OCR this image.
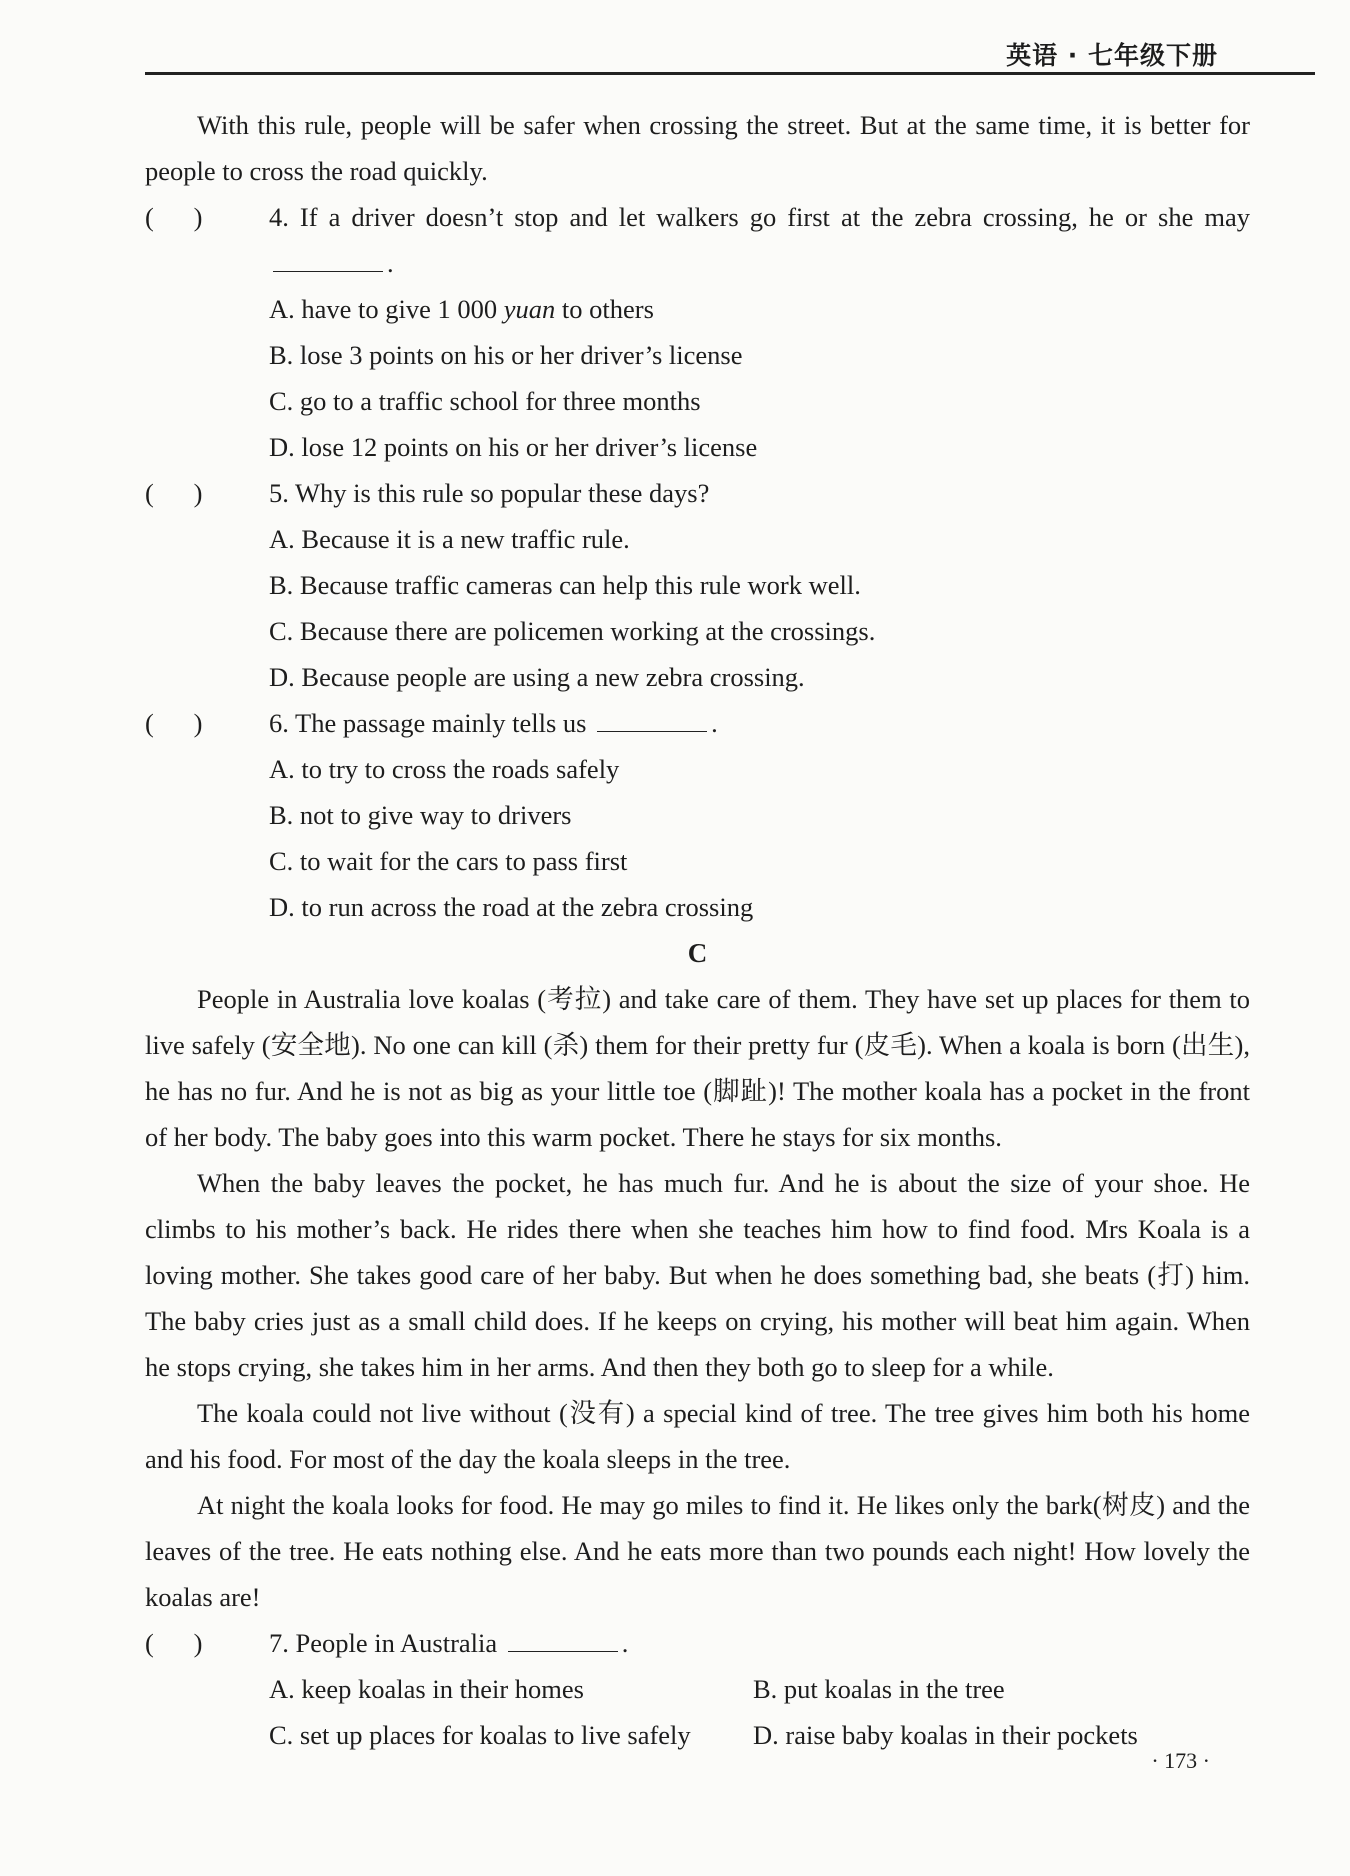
英语 · 七年级下册

With this rule, people will be safer when crossing the street. But at the same time, it is better for people to cross the road quickly.

(      )	4. If a driver doesn’t stop and let walkers go first at the zebra crossing, he or she may .
A. have to give 1 000 yuan to others
B. lose 3 points on his or her driver’s license
C. go to a traffic school for three months
D. lose 12 points on his or her driver’s license
(      )	5. Why is this rule so popular these days?
A. Because it is a new traffic rule.
B. Because traffic cameras can help this rule work well.
C. Because there are policemen working at the crossings.
D. Because people are using a new zebra crossing.
(      )	6. The passage mainly tells us	.
A. to try to cross the roads safely
B. not to give way to drivers
C. to wait for the cars to pass first
D. to run across the road at the zebra crossing
C

People in Australia love koalas (考拉) and take care of them. They have set up places for them to live safely (安全地). No one can kill (杀) them for their pretty fur (皮毛). When a koala is born (出生), he has no fur. And he is not as big as your little toe (脚趾)! The mother koala has a pocket in the front of her body. The baby goes into this warm pocket. There he stays for six months.

When the baby leaves the pocket, he has much fur. And he is about the size of your shoe. He climbs to his mother’s back. He rides there when she teaches him how to find food. Mrs Koala is a loving mother. She takes good care of her baby. But when he does something bad, she beats (打) him. The baby cries just as a small child does. If he keeps on crying, his mother will beat him again. When he stops crying, she takes him in her arms. And then they both go to sleep for a while.

The koala could not live without (没有) a special kind of tree. The tree gives him both his home and his food. For most of the day the koala sleeps in the tree.

At night the koala looks for food. He may go miles to find it. He likes only the bark(树皮) and the leaves of the tree. He eats nothing else. And he eats more than two pounds each night! How lovely the koalas are!

(      )	7. People in Australia	.
A. keep koalas in their homes	B. put koalas in the tree
C. set up places for koalas to live safely	D. raise baby koalas in their pockets
· 173 ·
